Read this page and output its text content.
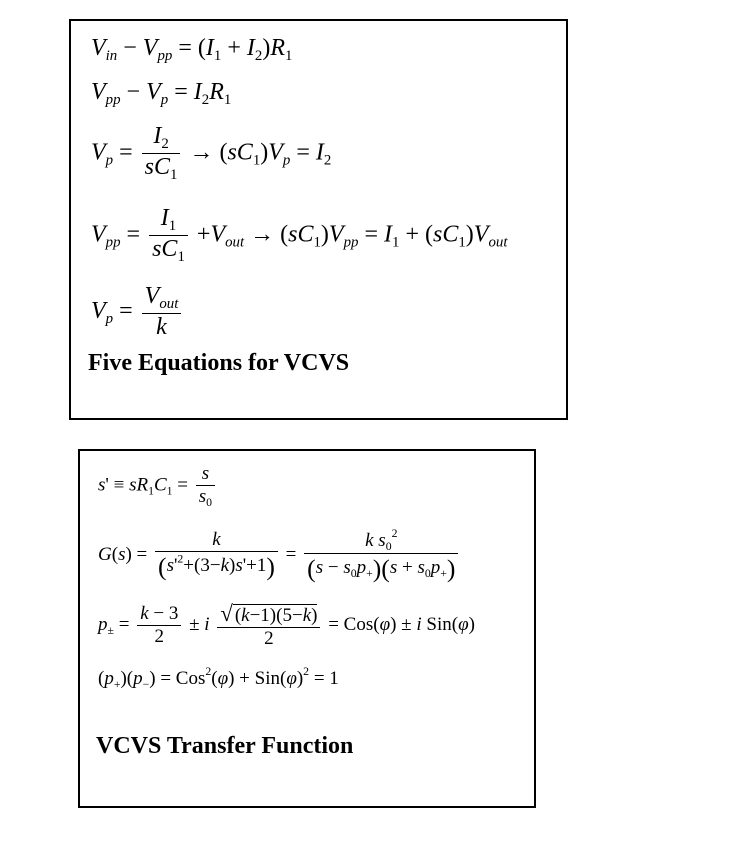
$V_{in} - V_{pp} = (I_1 + I_2)R_1$
$V_{pp} - V_p = I_2R_1$
$V_p = \frac{I_2}{sC_1} \to (sC_1)V_p = I_2$
$V_{pp} = \frac{I_1}{sC_1} +V_{out} \to (sC_1)V_{pp} = I_1 + (sC_1)V_{out}$
$V_p = \frac{V_{out}}{k}$
Five Equations for VCVS
$s' \equiv sR_1C_1 = \frac{s}{s_0}$
$G(s) = \frac{k}{(s'^2+(3-k)s'+1)} = \frac{k s_0^2}{(s - s_0p_+)(s + s_0p_+)}$
$p_\pm = \frac{k - 3}{2} \pm i \frac{√ (k-1)(5-k)}{2} = Cos(\varphi) \pm i$ Sin(φ)
$(p_+)(p_-) = Cos^2(\varphi) + Sin(\varphi)^2 = 1$
VCVS Transfer Function
